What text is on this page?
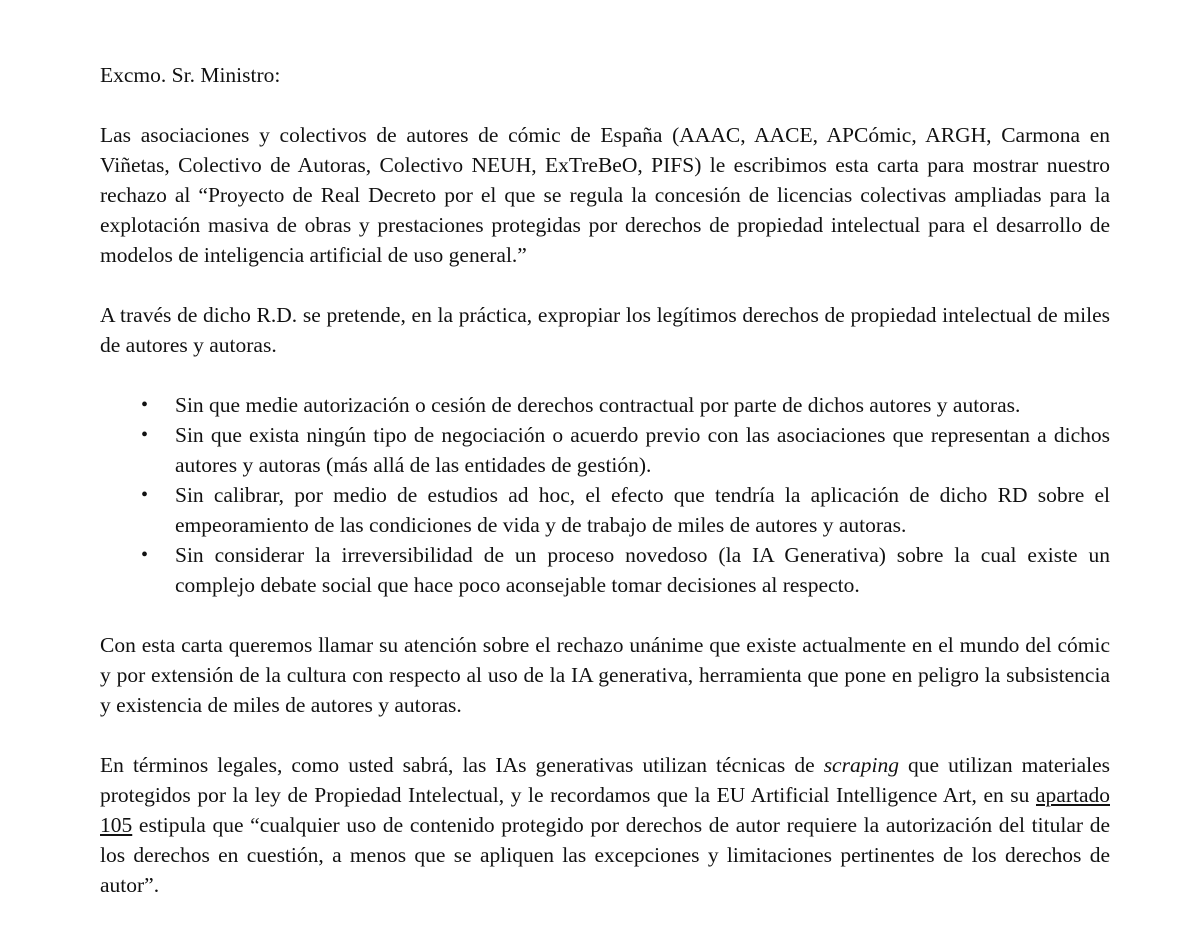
Excmo. Sr. Ministro:

Las asociaciones y colectivos de autores de cómic de España (AAAC, AACE, APCómic, ARGH, Carmona en Viñetas, Colectivo de Autoras, Colectivo NEUH, ExTreBeO, PIFS) le escribimos esta carta para mostrar nuestro rechazo al “Proyecto de Real Decreto por el que se regula la concesión de licencias colectivas ampliadas para la explotación masiva de obras y prestaciones protegidas por derechos de propiedad intelectual para el desarrollo de modelos de inteligencia artificial de uso general.”

A través de dicho R.D. se pretende, en la práctica, expropiar los legítimos derechos de propiedad intelectual de miles de autores y autoras.

• Sin que medie autorización o cesión de derechos contractual por parte de dichos autores y autoras.
• Sin que exista ningún tipo de negociación o acuerdo previo con las asociaciones que representan a dichos autores y autoras (más allá de las entidades de gestión).
• Sin calibrar, por medio de estudios ad hoc, el efecto que tendría la aplicación de dicho RD sobre el empeoramiento de las condiciones de vida y de trabajo de miles de autores y autoras.
• Sin considerar la irreversibilidad de un proceso novedoso (la IA Generativa) sobre la cual existe un complejo debate social que hace poco aconsejable tomar decisiones al respecto.

Con esta carta queremos llamar su atención sobre el rechazo unánime que existe actualmente en el mundo del cómic y por extensión de la cultura con respecto al uso de la IA generativa, herramienta que pone en peligro la subsistencia y existencia de miles de autores y autoras.

En términos legales, como usted sabrá, las IAs generativas utilizan técnicas de scraping que utilizan materiales protegidos por la ley de Propiedad Intelectual, y le recordamos que la EU Artificial Intelligence Art, en su apartado 105 estipula que “cualquier uso de contenido protegido por derechos de autor requiere la autorización del titular de los derechos en cuestión, a menos que se apliquen las excepciones y limitaciones pertinentes de los derechos de autor”.
